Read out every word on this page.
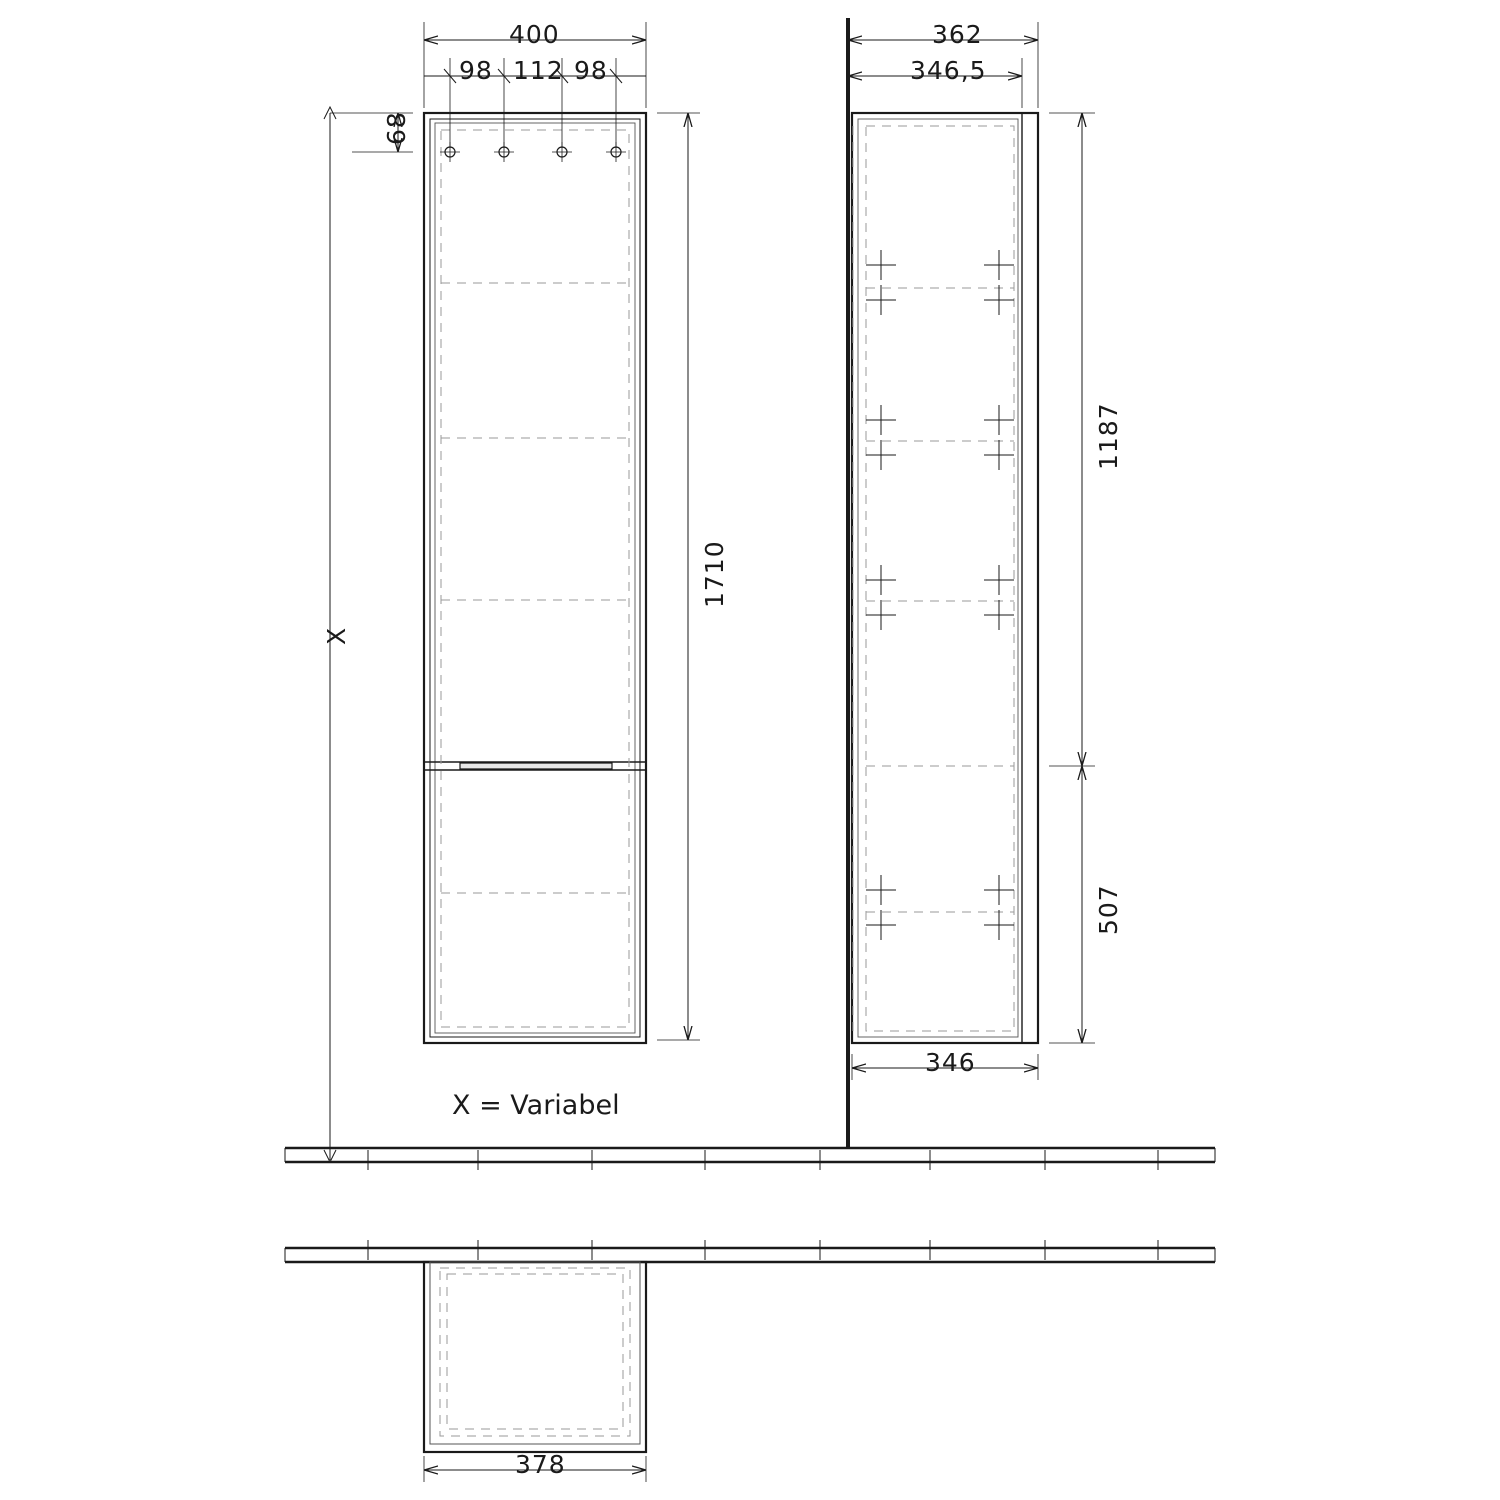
400
98 112 98
68
X
1710
362
346,5
1187
507
346
378
X = Variabel
